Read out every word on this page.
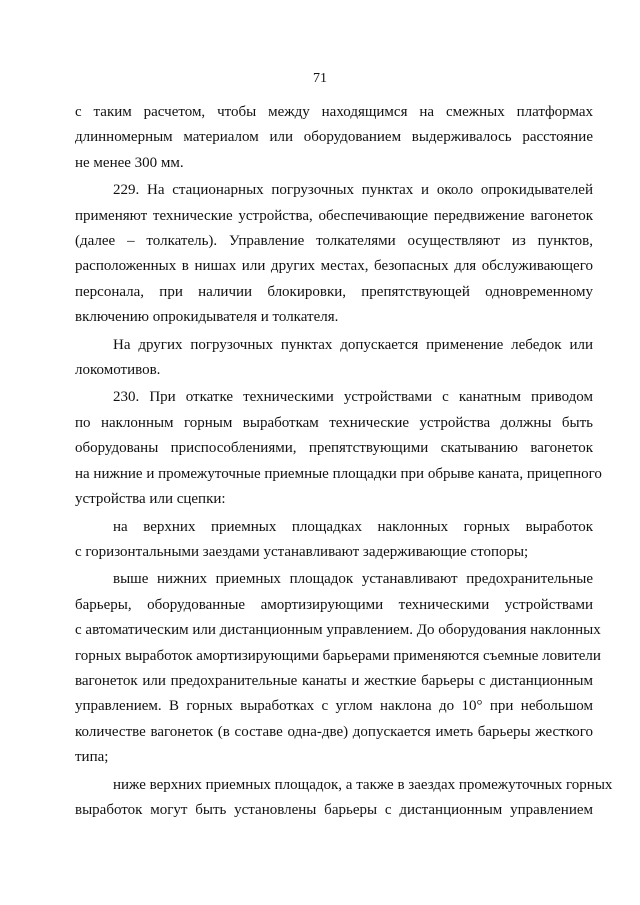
71

с таким расчетом, чтобы между находящимся на смежных платформах
длинномерным материалом или оборудованием выдерживалось расстояние
не менее 300 мм.

229. На стационарных погрузочных пунктах и около опрокидывателей
применяют технические устройства, обеспечивающие передвижение вагонеток
(далее – толкатель). Управление толкателями осуществляют из пунктов,
расположенных в нишах или других местах, безопасных для обслуживающего
персонала, при наличии блокировки, препятствующей одновременному
включению опрокидывателя и толкателя.

На других погрузочных пунктах допускается применение лебедок или
локомотивов.

230. При откатке техническими устройствами с канатным приводом
по наклонным горным выработкам технические устройства должны быть
оборудованы приспособлениями, препятствующими скатыванию вагонеток
на нижние и промежуточные приемные площадки при обрыве каната, прицепного
устройства или сцепки:

на верхних приемных площадках наклонных горных выработок
с горизонтальными заездами устанавливают задерживающие стопоры;

выше нижних приемных площадок устанавливают предохранительные
барьеры, оборудованные амортизирующими техническими устройствами
с автоматическим или дистанционным управлением. До оборудования наклонных
горных выработок амортизирующими барьерами применяются съемные ловители
вагонеток или предохранительные канаты и жесткие барьеры с дистанционным
управлением. В горных выработках с углом наклона до 10° при небольшом
количестве вагонеток (в составе одна-две) допускается иметь барьеры жесткого
типа;

ниже верхних приемных площадок, а также в заездах промежуточных горных
выработок могут быть установлены барьеры с дистанционным управлением
